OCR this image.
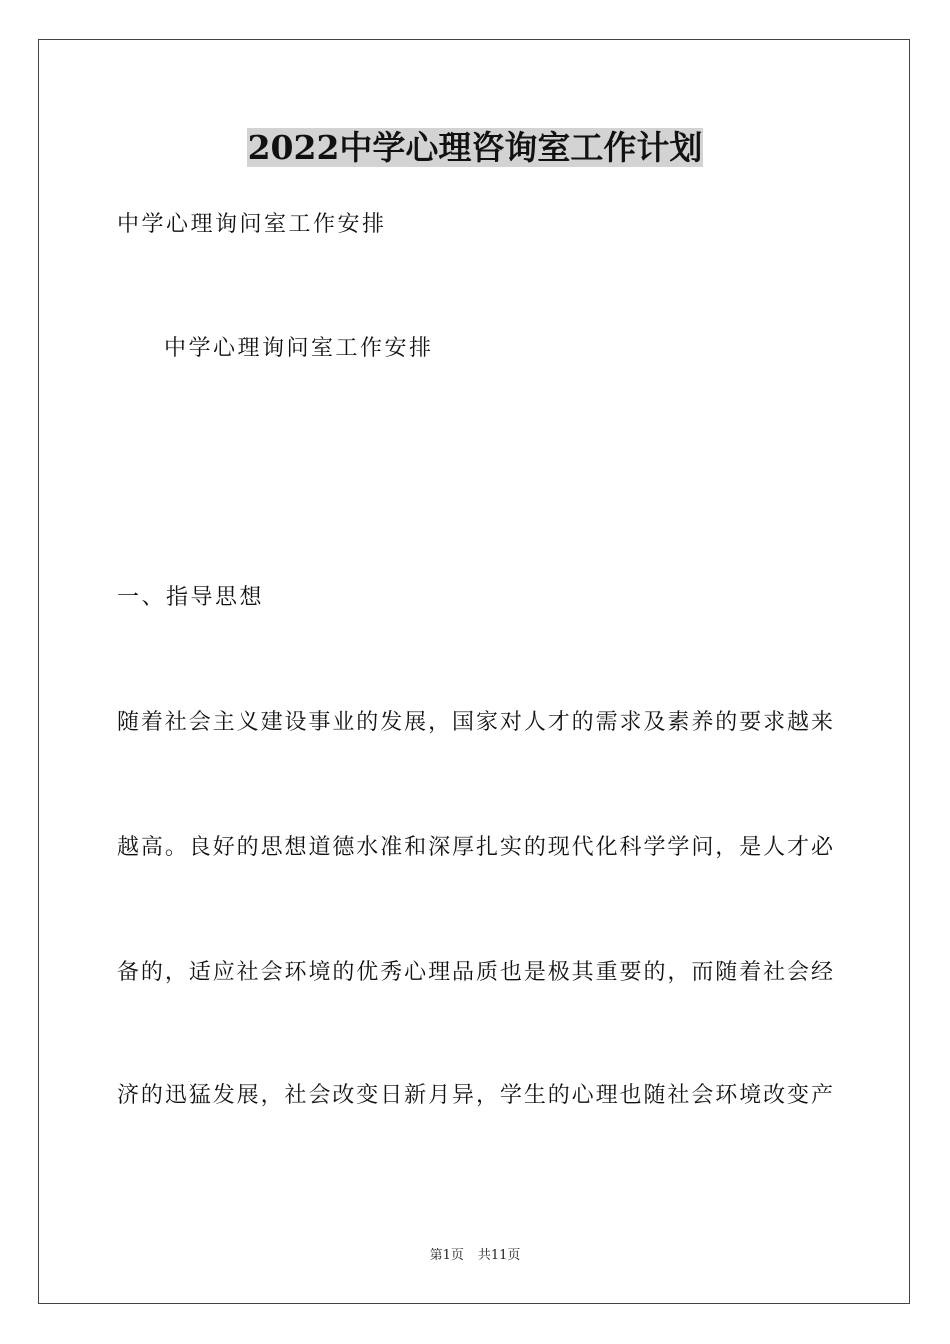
2022中学心理咨询室工作计划
中学心理询问室工作安排
中学心理询问室工作安排
一、指导思想
随着社会主义建设事业的发展，国家对人才的需求及素养的要求越来
越高。良好的思想道德水准和深厚扎实的现代化科学学问，是人才必
备的，适应社会环境的优秀心理品质也是极其重要的，而随着社会经
济的迅猛发展，社会改变日新月异，学生的心理也随社会环境改变产
第1页 共11页
